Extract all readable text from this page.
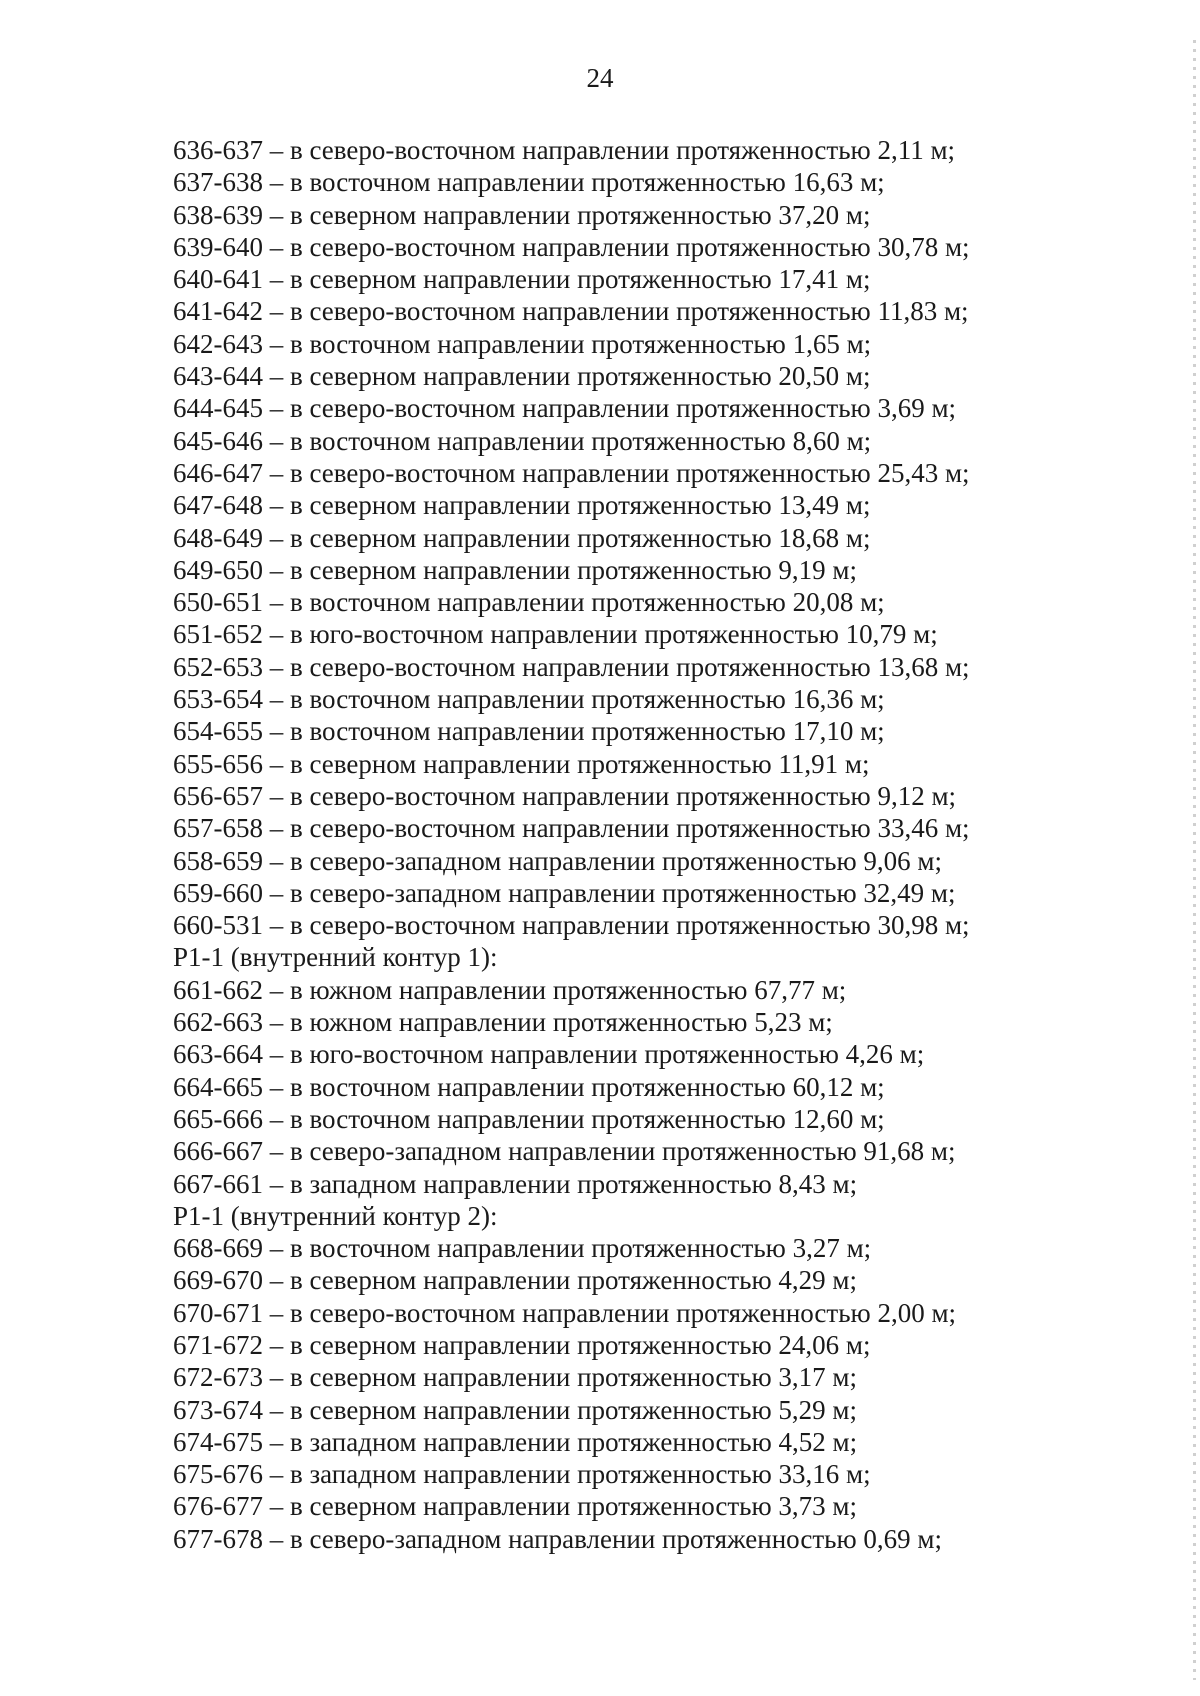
24
636-637 – в северо-восточном направлении протяженностью 2,11 м;
637-638 – в восточном направлении протяженностью 16,63 м;
638-639 – в северном направлении протяженностью 37,20 м;
639-640 – в северо-восточном направлении протяженностью 30,78 м;
640-641 – в северном направлении протяженностью 17,41 м;
641-642 – в северо-восточном направлении протяженностью 11,83 м;
642-643 – в восточном направлении протяженностью 1,65 м;
643-644 – в северном направлении протяженностью 20,50 м;
644-645 – в северо-восточном направлении протяженностью 3,69 м;
645-646 – в восточном направлении протяженностью 8,60 м;
646-647 – в северо-восточном направлении протяженностью 25,43 м;
647-648 – в северном направлении протяженностью 13,49 м;
648-649 – в северном направлении протяженностью 18,68 м;
649-650 – в северном направлении протяженностью 9,19 м;
650-651 – в восточном направлении протяженностью 20,08 м;
651-652 – в юго-восточном направлении протяженностью 10,79 м;
652-653 – в северо-восточном направлении протяженностью 13,68 м;
653-654 – в восточном направлении протяженностью 16,36 м;
654-655 – в восточном направлении протяженностью 17,10 м;
655-656 – в северном направлении протяженностью 11,91 м;
656-657 – в северо-восточном направлении протяженностью 9,12 м;
657-658 – в северо-восточном направлении протяженностью 33,46 м;
658-659 – в северо-западном направлении протяженностью 9,06 м;
659-660 – в северо-западном направлении протяженностью 32,49 м;
660-531 – в северо-восточном направлении протяженностью 30,98 м;
Р1-1 (внутренний контур 1):
661-662 – в южном направлении протяженностью 67,77 м;
662-663 – в южном направлении протяженностью 5,23 м;
663-664 – в юго-восточном направлении протяженностью 4,26 м;
664-665 – в восточном направлении протяженностью 60,12 м;
665-666 – в восточном направлении протяженностью 12,60 м;
666-667 – в северо-западном направлении протяженностью 91,68 м;
667-661 – в западном направлении протяженностью 8,43 м;
Р1-1 (внутренний контур 2):
668-669 – в восточном направлении протяженностью 3,27 м;
669-670 – в северном направлении протяженностью 4,29 м;
670-671 – в северо-восточном направлении протяженностью 2,00 м;
671-672 – в северном направлении протяженностью 24,06 м;
672-673 – в северном направлении протяженностью 3,17 м;
673-674 – в северном направлении протяженностью 5,29 м;
674-675 – в западном направлении протяженностью 4,52 м;
675-676 – в западном направлении протяженностью 33,16 м;
676-677 – в северном направлении протяженностью 3,73 м;
677-678 – в северо-западном направлении протяженностью 0,69 м;
